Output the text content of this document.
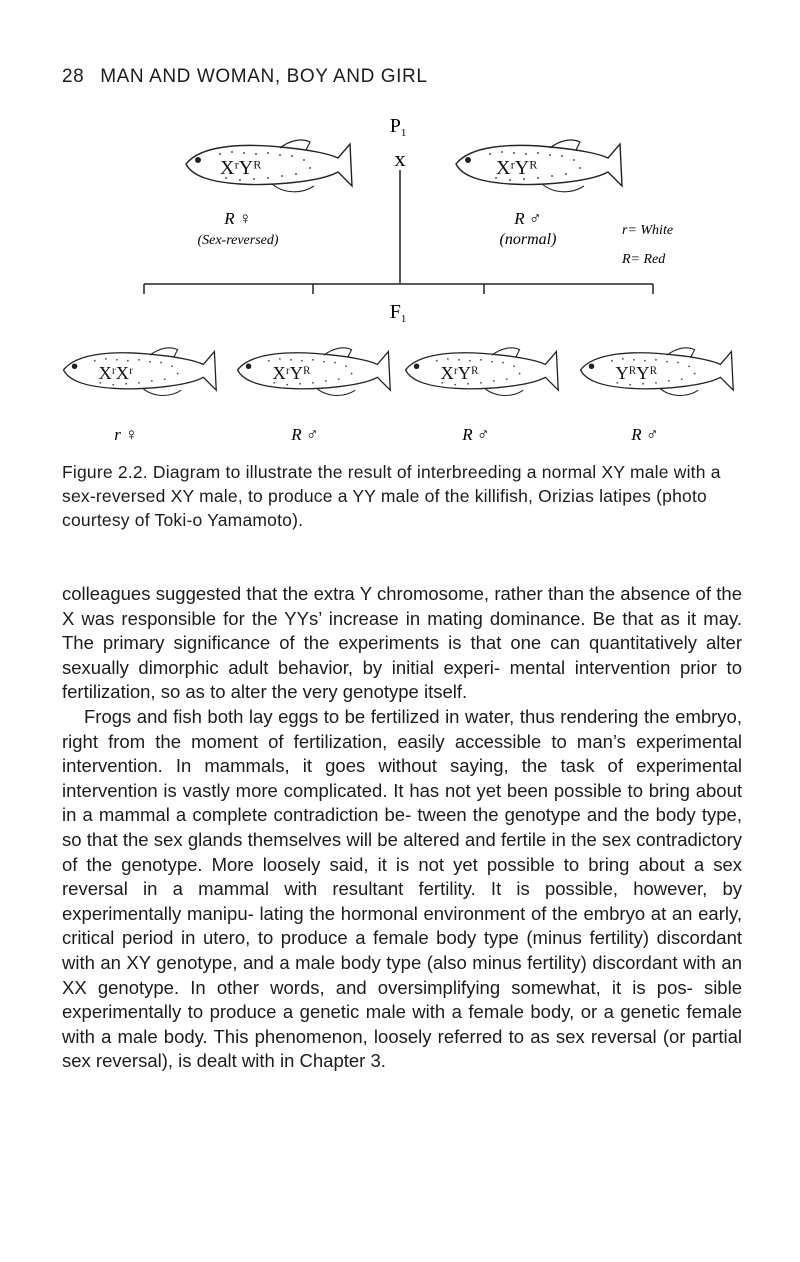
28 MAN AND WOMAN, BOY AND GIRL
$P_1$
x
XʳYᴿ	XʳYᴿ
R ♀
(Sex-reversed)
R ♂
(normal)
r= White
R= Red
$F_1$
XʳXʳ	XʳYᴿ	XʳYᴿ	YᴿYᴿ
r ♀	R ♂	R ♂	R ♂
Figure 2.2. Diagram to illustrate the result of interbreeding a normal XY male with a sex-reversed XY male, to produce a YY male of the killifish, Orizias latipes (photo courtesy of Toki-o Yamamoto).

colleagues suggested that the extra Y chromosome, rather than the absence of the X was responsible for the YYs’ increase in mating dominance. Be that as it may. The primary significance of the experiments is that one can quantitatively alter sexually dimorphic adult behavior, by initial experi- mental intervention prior to fertilization, so as to alter the very genotype itself.

Frogs and fish both lay eggs to be fertilized in water, thus rendering the embryo, right from the moment of fertilization, easily accessible to man’s experimental intervention. In mammals, it goes without saying, the task of experimental intervention is vastly more complicated. It has not yet been possible to bring about in a mammal a complete contradiction be- tween the genotype and the body type, so that the sex glands themselves will be altered and fertile in the sex contradictory of the genotype. More loosely said, it is not yet possible to bring about a sex reversal in a mammal with resultant fertility. It is possible, however, by experimentally manipu- lating the hormonal environment of the embryo at an early, critical period in utero, to produce a female body type (minus fertility) discordant with an XY genotype, and a male body type (also minus fertility) discordant with an XX genotype. In other words, and oversimplifying somewhat, it is pos- sible experimentally to produce a genetic male with a female body, or a genetic female with a male body. This phenomenon, loosely referred to as sex reversal (or partial sex reversal), is dealt with in Chapter 3.
